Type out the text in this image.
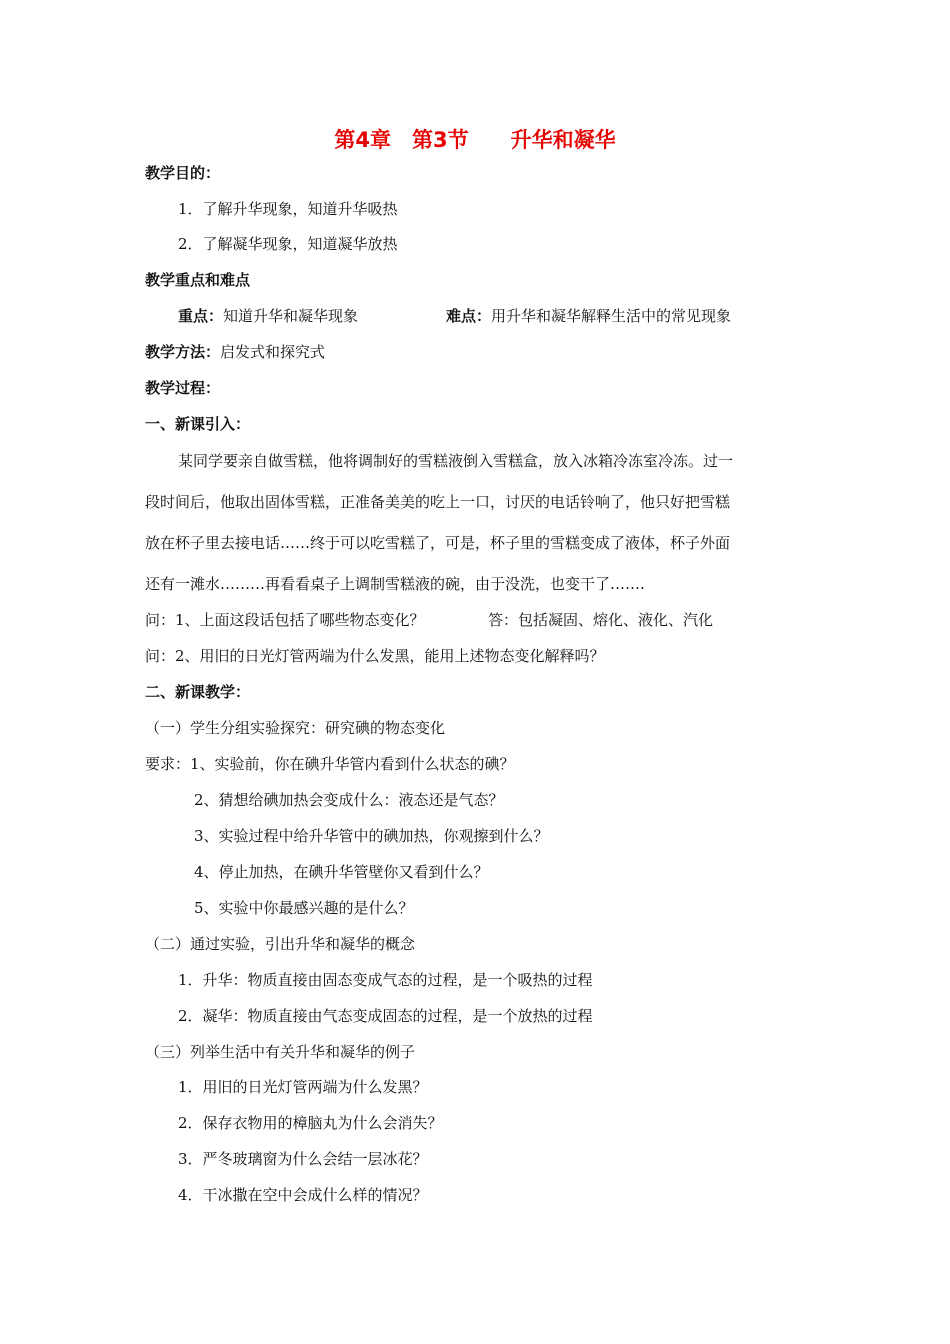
第4章　第3节　　升华和凝华
教学目的：
1．了解升华现象，知道升华吸热
2．了解凝华现象，知道凝华放热
教学重点和难点
重点：知道升华和凝华现象	难点：用升华和凝华解释生活中的常见现象
教学方法：启发式和探究式
教学过程：
一、新课引入：
某同学要亲自做雪糕，他将调制好的雪糕液倒入雪糕盒，放入冰箱冷冻室冷冻。过一
段时间后，他取出固体雪糕，正准备美美的吃上一口，讨厌的电话铃响了，他只好把雪糕
放在杯子里去接电话……终于可以吃雪糕了，可是，杯子里的雪糕变成了液体，杯子外面
还有一滩水………再看看桌子上调制雪糕液的碗，由于没洗，也变干了…….
问：1、上面这段话包括了哪些物态变化？	答：包括凝固、熔化、液化、汽化
问：2、用旧的日光灯管两端为什么发黑，能用上述物态变化解释吗？
二、新课教学：
（一）学生分组实验探究：研究碘的物态变化
要求：1、实验前，你在碘升华管内看到什么状态的碘？
2、猜想给碘加热会变成什么：液态还是气态？
3、实验过程中给升华管中的碘加热，你观擦到什么？
4、停止加热，在碘升华管壁你又看到什么？
5、实验中你最感兴趣的是什么？
（二）通过实验，引出升华和凝华的概念
1．升华：物质直接由固态变成气态的过程，是一个吸热的过程
2．凝华：物质直接由气态变成固态的过程，是一个放热的过程
（三）列举生活中有关升华和凝华的例子
1．用旧的日光灯管两端为什么发黑？
2．保存衣物用的樟脑丸为什么会消失？
3．严冬玻璃窗为什么会结一层冰花？
4．干冰撒在空中会成什么样的情况？
